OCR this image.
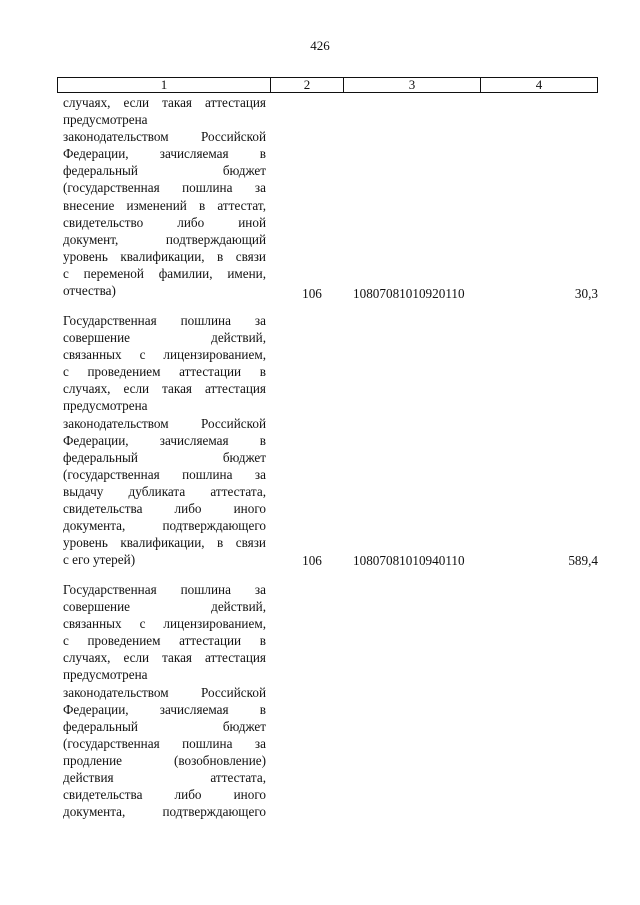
426
1	2	3	4
случаях, если такая аттестация
предусмотрена
законодательством Российской
Федерации, зачисляемая в
федеральный бюджет
(государственная пошлина за
внесение изменений в аттестат,
свидетельство либо иной
документ, подтверждающий
уровень квалификации, в связи
с переменой фамилии, имени,
отчества)	106	10807081010920110	30,3
Государственная пошлина за
совершение действий,
связанных с лицензированием,
с проведением аттестации в
случаях, если такая аттестация
предусмотрена
законодательством Российской
Федерации, зачисляемая в
федеральный бюджет
(государственная пошлина за
выдачу дубликата аттестата,
свидетельства либо иного
документа, подтверждающего
уровень квалификации, в связи
с его утерей)	106	10807081010940110	589,4
Государственная пошлина за
совершение действий,
связанных с лицензированием,
с проведением аттестации в
случаях, если такая аттестация
предусмотрена
законодательством Российской
Федерации, зачисляемая в
федеральный бюджет
(государственная пошлина за
продление (возобновление)
действия аттестата,
свидетельства либо иного
документа, подтверждающего
